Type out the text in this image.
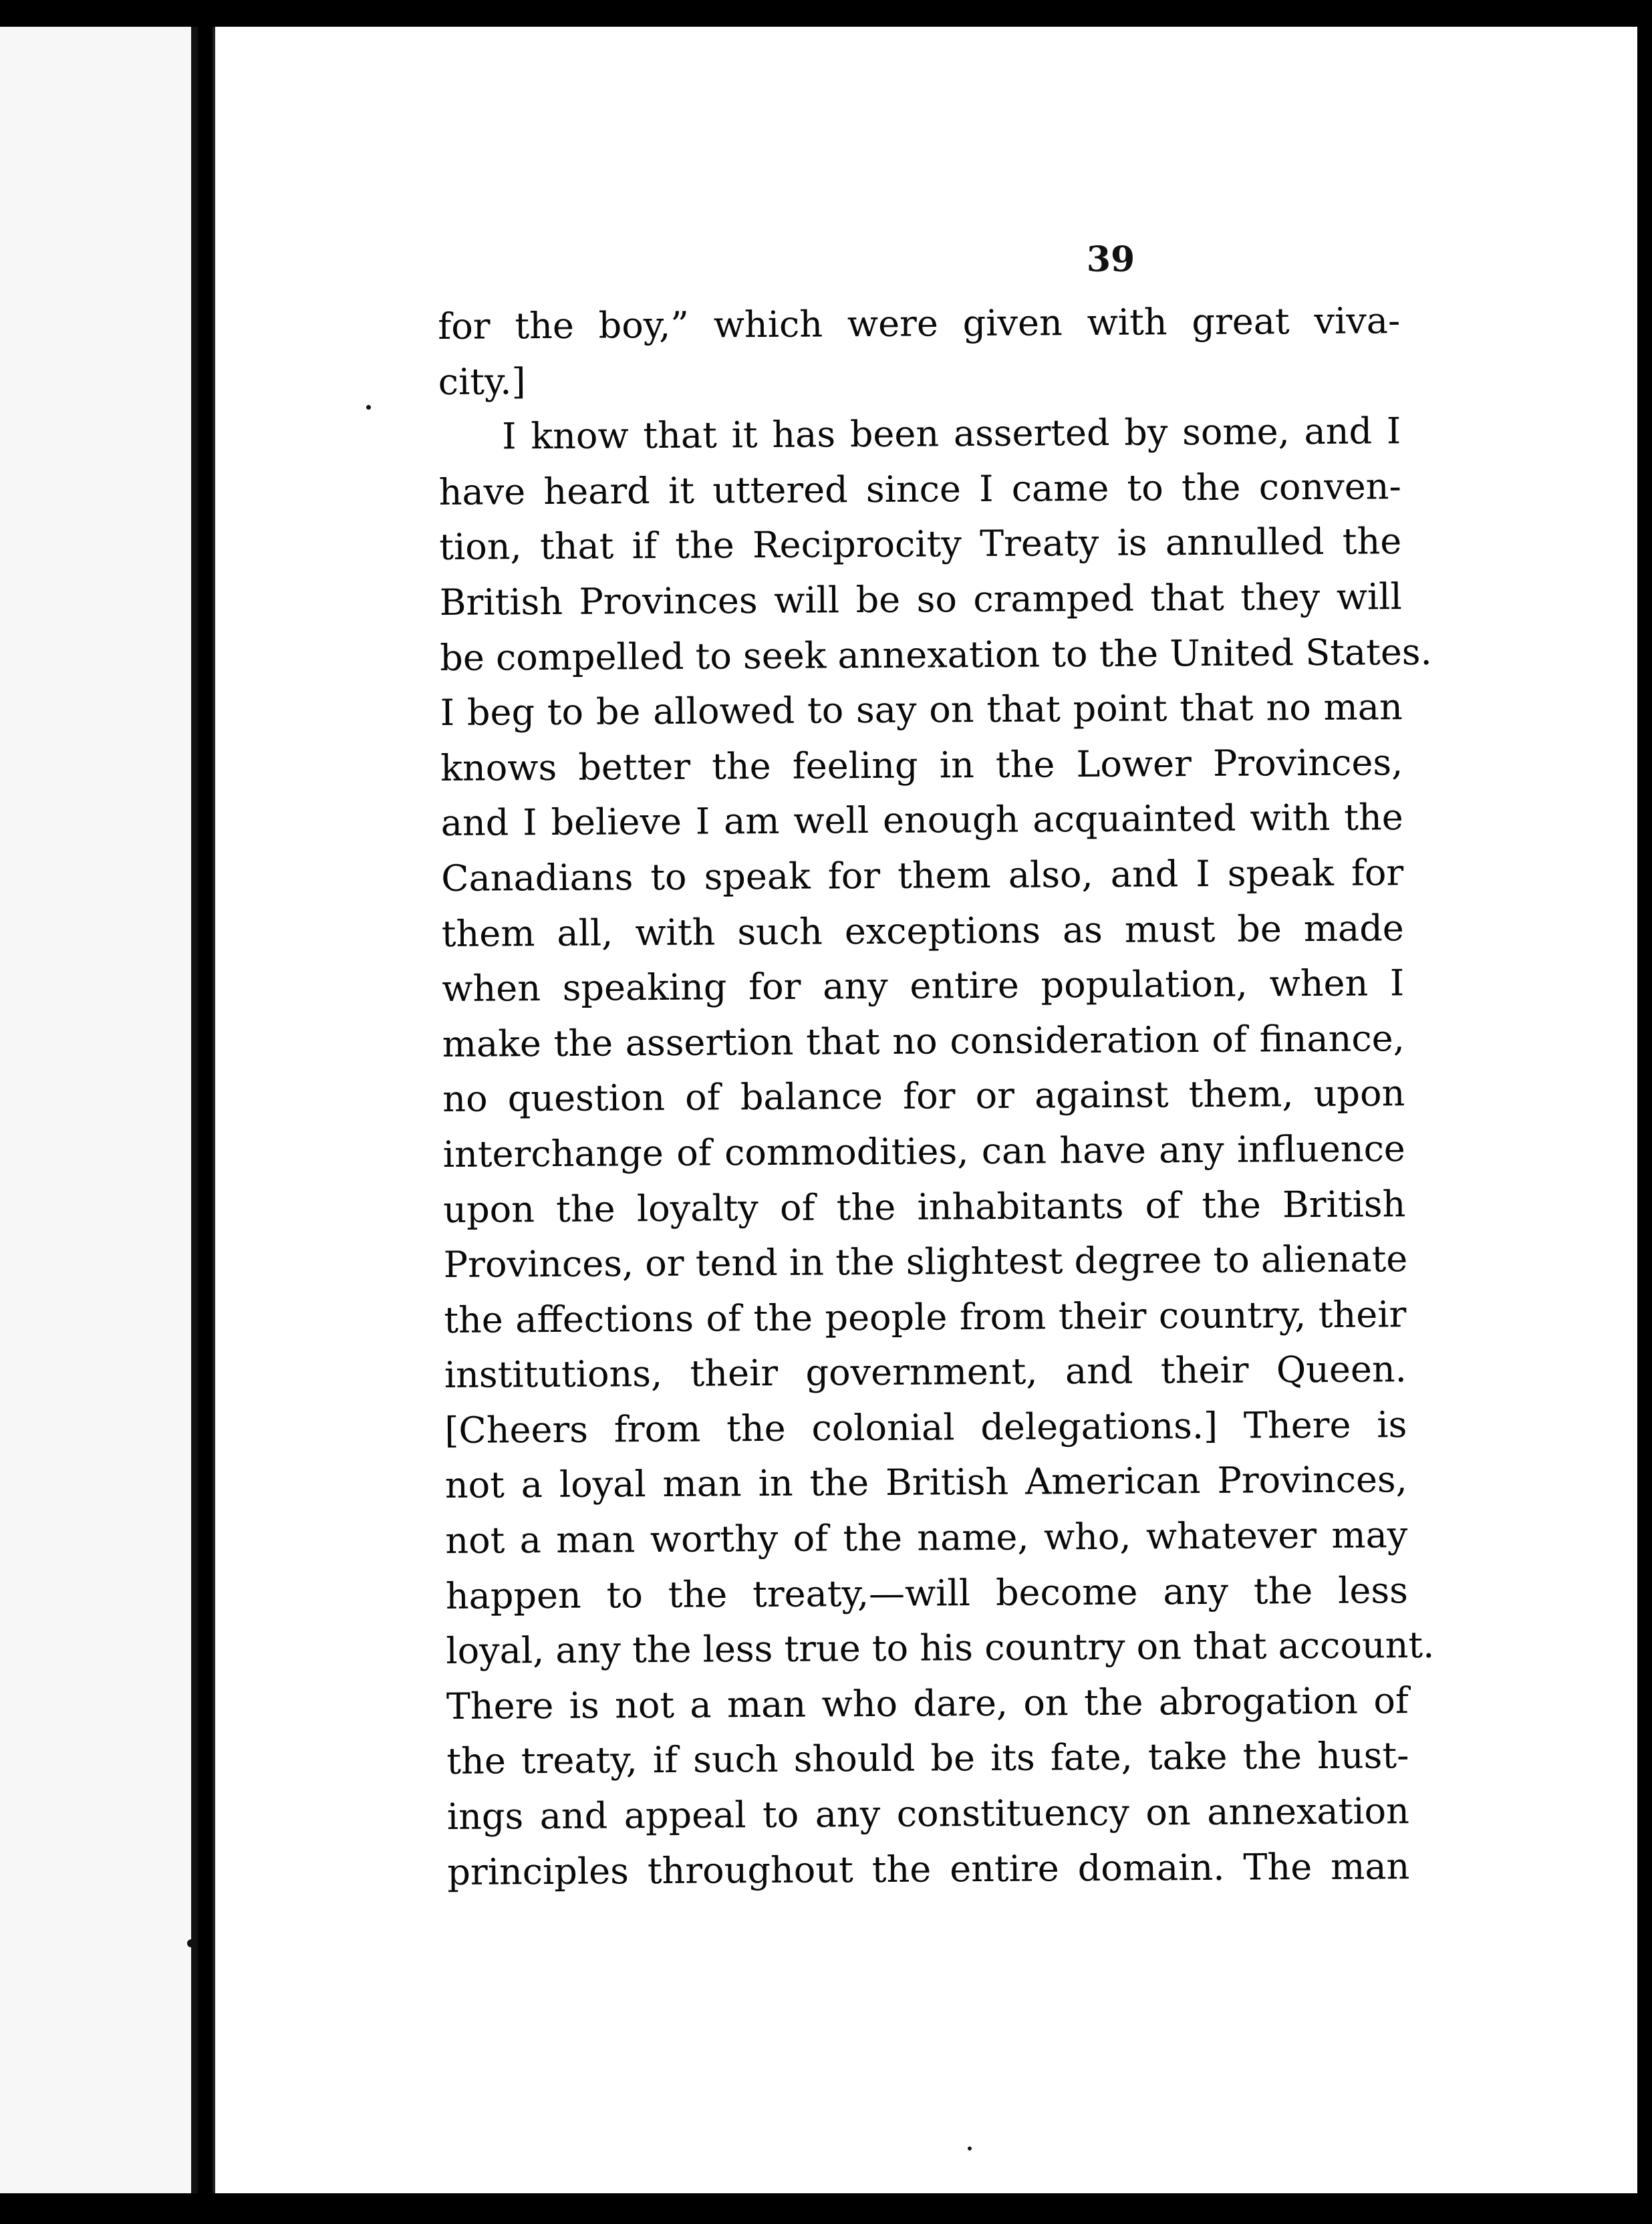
39
for the boy,” which were given with great viva-
city.]
I know that it has been asserted by some, and I
have heard it uttered since I came to the conven-
tion, that if the Reciprocity Treaty is annulled the
British Provinces will be so cramped that they will
be compelled to seek annexation to the United States.
I beg to be allowed to say on that point that no man
knows better the feeling in the Lower Provinces,
and I believe I am well enough acquainted with the
Canadians to speak for them also, and I speak for
them all, with such exceptions as must be made
when speaking for any entire population, when I
make the assertion that no consideration of finance,
no question of balance for or against them, upon
interchange of commodities, can have any influence
upon the loyalty of the inhabitants of the British
Provinces, or tend in the slightest degree to alienate
the affections of the people from their country, their
institutions, their government, and their Queen.
[Cheers from the colonial delegations.] There is
not a loyal man in the British American Provinces,
not a man worthy of the name, who, whatever may
happen to the treaty,—will become any the less
loyal, any the less true to his country on that account.
There is not a man who dare, on the abrogation of
the treaty, if such should be its fate, take the hust-
ings and appeal to any constituency on annexation
principles throughout the entire domain. The man
